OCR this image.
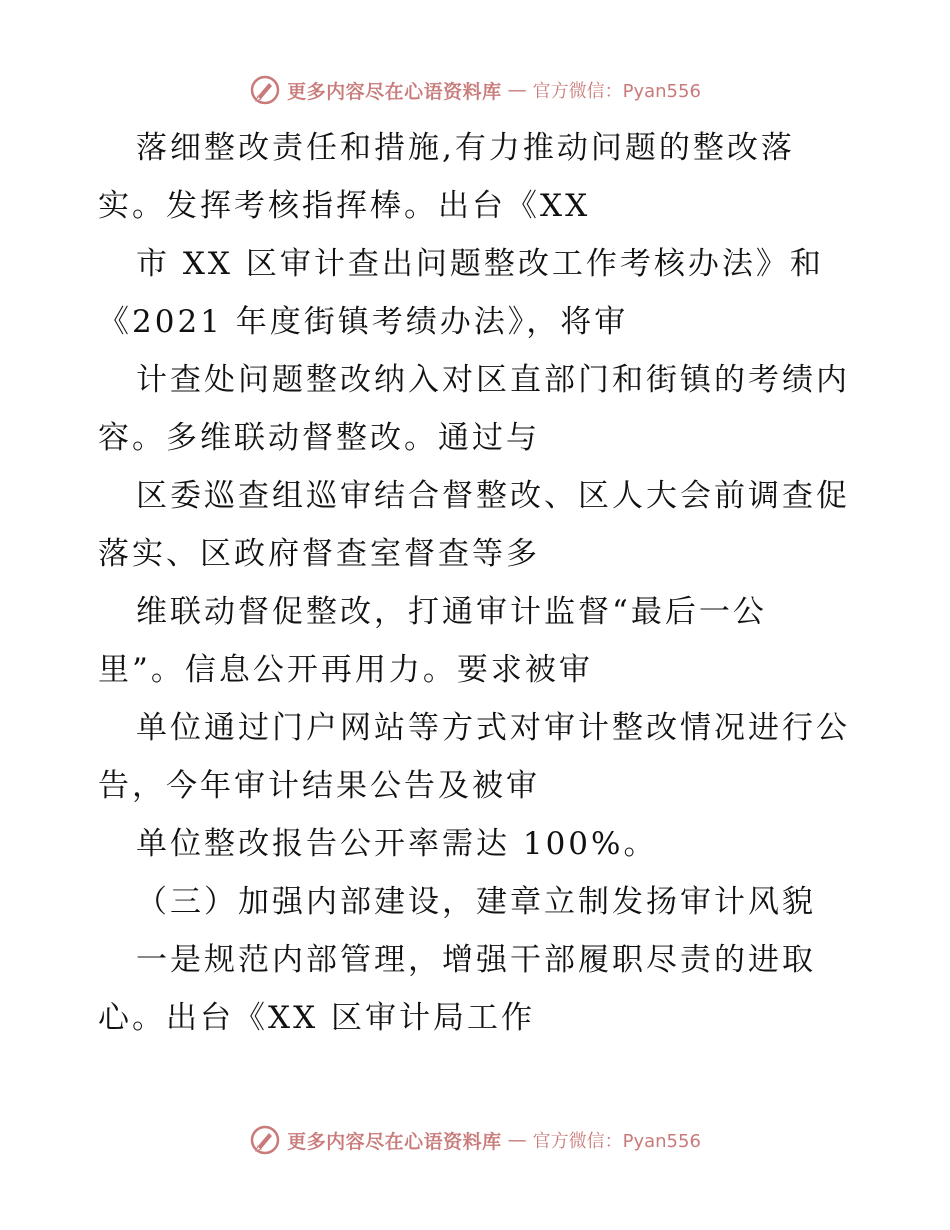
更多内容尽在心语资料库 — 官方微信：Pyan556
落细整改责任和措施,有力推动问题的整改落
实。发挥考核指挥棒。出台《XX
市 XX 区审计查出问题整改工作考核办法》和
《2021 年度街镇考绩办法》，将审
计查处问题整改纳入对区直部门和街镇的考绩内
容。多维联动督整改。通过与
区委巡查组巡审结合督整改、区人大会前调查促
落实、区政府督查室督查等多
维联动督促整改，打通审计监督“最后一公
里”。信息公开再用力。要求被审
单位通过门户网站等方式对审计整改情况进行公
告，今年审计结果公告及被审
单位整改报告公开率需达 100%。
（三）加强内部建设，建章立制发扬审计风貌
一是规范内部管理，增强干部履职尽责的进取
心。出台《XX 区审计局工作
更多内容尽在心语资料库 — 官方微信：Pyan556
